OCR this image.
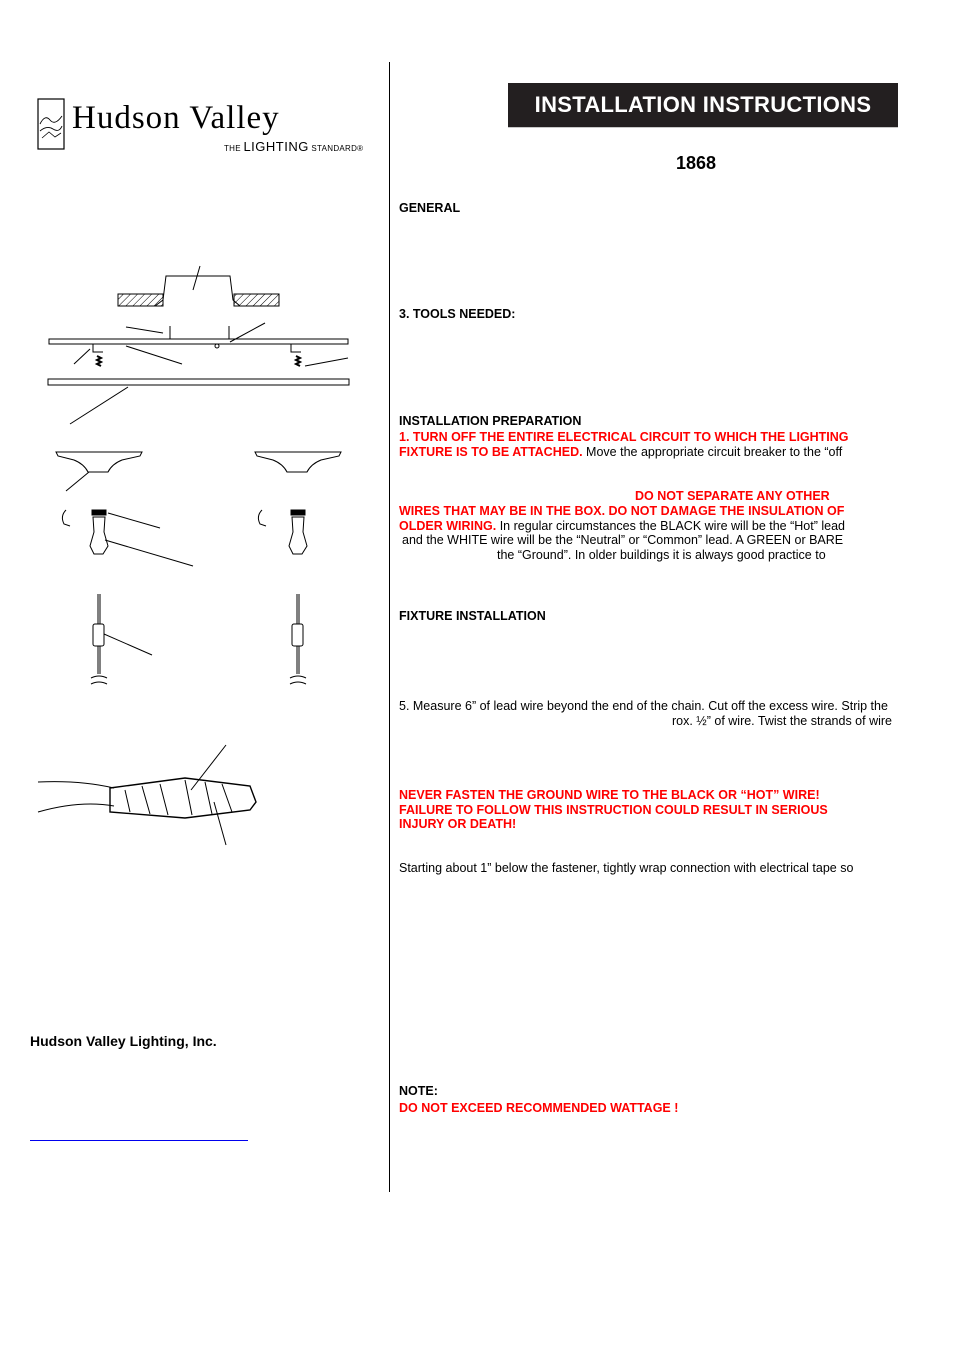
Hudson Valley
THE LIGHTING STANDARD®
Hudson Valley Lighting, Inc.
INSTALLATION INSTRUCTIONS
1868
GENERAL
3. TOOLS NEEDED:
INSTALLATION PREPARATION
1. TURN OFF THE ENTIRE ELECTRICAL CIRCUIT TO WHICH THE LIGHTING
FIXTURE IS TO BE ATTACHED. Move the appropriate circuit breaker to the “off
DO NOT SEPARATE ANY OTHER
WIRES THAT MAY BE IN THE BOX. DO NOT DAMAGE THE INSULATION OF
OLDER WIRING. In regular circumstances the BLACK wire will be the “Hot” lead
and the WHITE wire will be the “Neutral” or “Common” lead. A GREEN or BARE
the “Ground”. In older buildings it is always good practice to
FIXTURE INSTALLATION
5. Measure 6” of lead wire beyond the end of the chain. Cut off the excess wire. Strip the
rox. ½” of wire. Twist the strands of wire
NEVER FASTEN THE GROUND WIRE TO THE BLACK OR “HOT” WIRE!
FAILURE TO FOLLOW THIS INSTRUCTION COULD RESULT IN SERIOUS
INJURY OR DEATH!
Starting about 1” below the fastener, tightly wrap connection with electrical tape so
NOTE:
DO NOT EXCEED RECOMMENDED WATTAGE !
